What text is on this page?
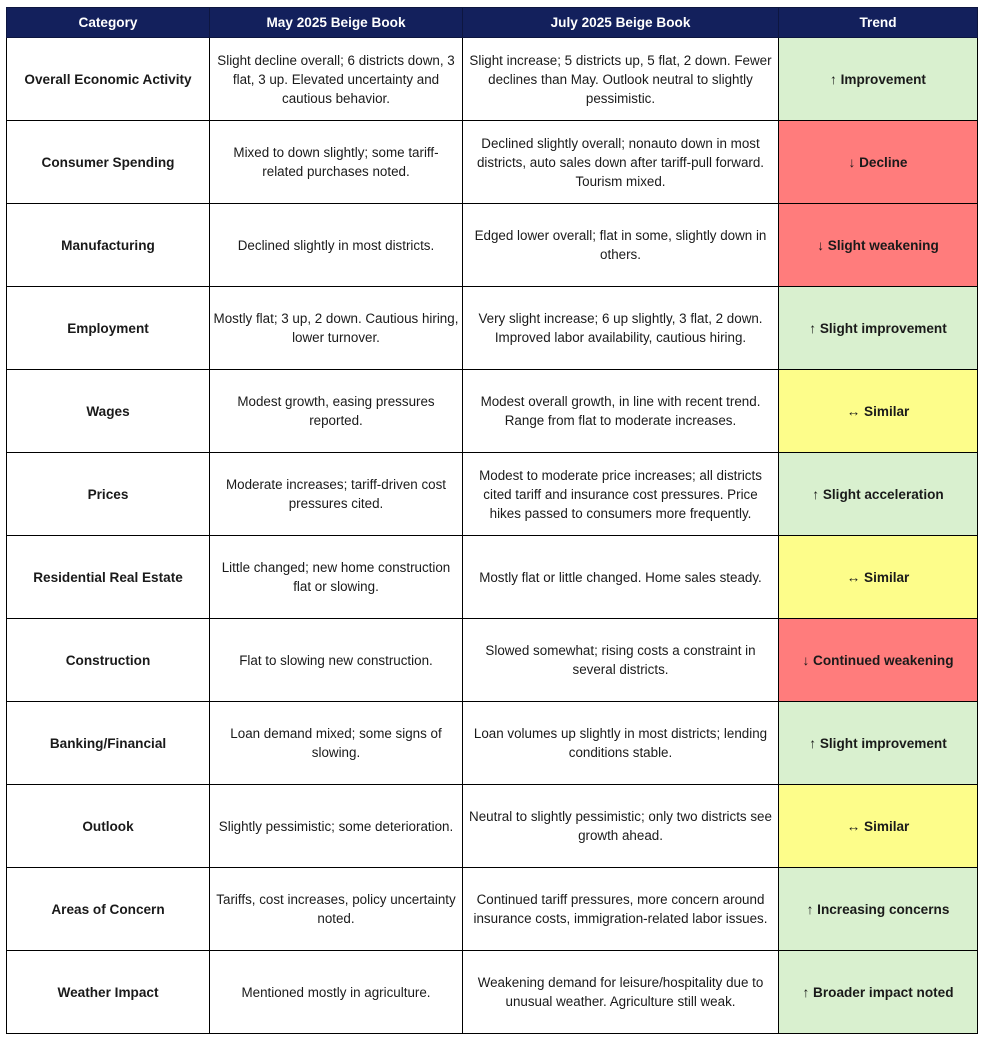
Category	May 2025 Beige Book	July 2025 Beige Book	Trend
Overall Economic Activity	Slight decline overall; 6 districts down, 3 flat, 3 up. Elevated uncertainty and cautious behavior.	Slight increase; 5 districts up, 5 flat, 2 down. Fewer declines than May. Outlook neutral to slightly pessimistic.	↑ Improvement
Consumer Spending	Mixed to down slightly; some tariff-related purchases noted.	Declined slightly overall; nonauto down in most districts, auto sales down after tariff-pull forward. Tourism mixed.	↓ Decline
Manufacturing	Declined slightly in most districts.	Edged lower overall; flat in some, slightly down in others.	↓ Slight weakening
Employment	Mostly flat; 3 up, 2 down. Cautious hiring, lower turnover.	Very slight increase; 6 up slightly, 3 flat, 2 down. Improved labor availability, cautious hiring.	↑ Slight improvement
Wages	Modest growth, easing pressures reported.	Modest overall growth, in line with recent trend. Range from flat to moderate increases.	↔ Similar
Prices	Moderate increases; tariff-driven cost pressures cited.	Modest to moderate price increases; all districts cited tariff and insurance cost pressures. Price hikes passed to consumers more frequently.	↑ Slight acceleration
Residential Real Estate	Little changed; new home construction flat or slowing.	Mostly flat or little changed. Home sales steady.	↔ Similar
Construction	Flat to slowing new construction.	Slowed somewhat; rising costs a constraint in several districts.	↓ Continued weakening
Banking/Financial	Loan demand mixed; some signs of slowing.	Loan volumes up slightly in most districts; lending conditions stable.	↑ Slight improvement
Outlook	Slightly pessimistic; some deterioration.	Neutral to slightly pessimistic; only two districts see growth ahead.	↔ Similar
Areas of Concern	Tariffs, cost increases, policy uncertainty noted.	Continued tariff pressures, more concern around insurance costs, immigration-related labor issues.	↑ Increasing concerns
Weather Impact	Mentioned mostly in agriculture.	Weakening demand for leisure/hospitality due to unusual weather. Agriculture still weak.	↑ Broader impact noted
